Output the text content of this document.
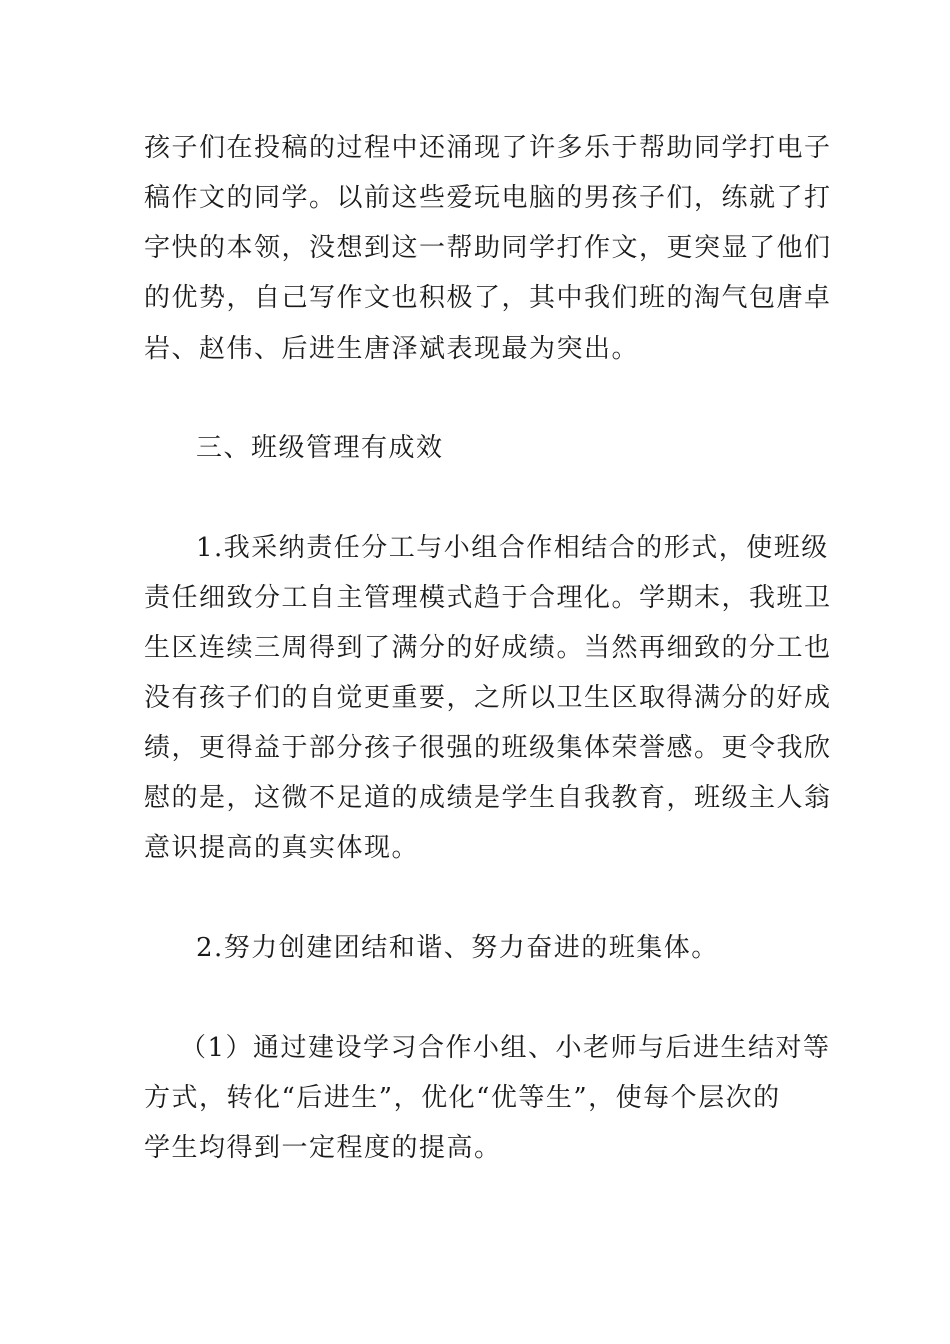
孩子们在投稿的过程中还涌现了许多乐于帮助同学打电子

稿作文的同学。以前这些爱玩电脑的男孩子们，练就了打

字快的本领，没想到这一帮助同学打作文，更突显了他们

的优势，自己写作文也积极了，其中我们班的淘气包唐卓

岩、赵伟、后进生唐泽斌表现最为突出。

三、班级管理有成效

1.我采纳责任分工与小组合作相结合的形式，使班级

责任细致分工自主管理模式趋于合理化。学期末，我班卫

生区连续三周得到了满分的好成绩。当然再细致的分工也

没有孩子们的自觉更重要，之所以卫生区取得满分的好成

绩，更得益于部分孩子很强的班级集体荣誉感。更令我欣

慰的是，这微不足道的成绩是学生自我教育，班级主人翁

意识提高的真实体现。

2.努力创建团结和谐、努力奋进的班集体。

（1）通过建设学习合作小组、小老师与后进生结对等

方式，转化“后进生”，优化“优等生”，使每个层次的

学生均得到一定程度的提高。
